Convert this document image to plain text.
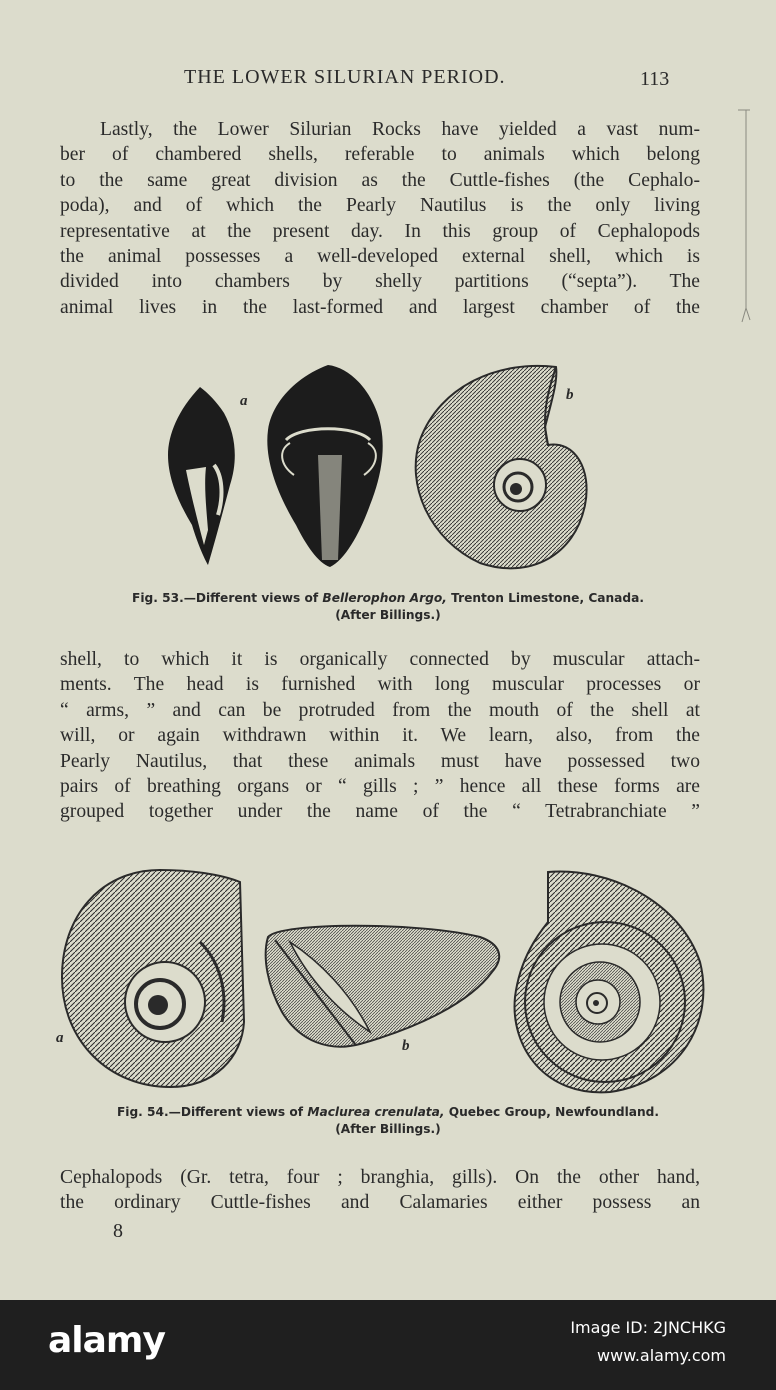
THE LOWER SILURIAN PERIOD.	113

Lastly, the Lower Silurian Rocks have yielded a vast num-
ber of chambered shells, referable to animals which belong
to the same great division as the Cuttle-fishes (the Cephalo-
poda), and of which the Pearly Nautilus is the only living
representative at the present day. In this group of Cephalopods
the animal possesses a well-developed external shell, which is
divided into chambers by shelly partitions (“septa”). The
animal lives in the last-formed and largest chamber of the

a	b
Fig. 53.—Different views of Bellerophon Argo, Trenton Limestone, Canada.
(After Billings.)

shell, to which it is organically connected by muscular attach-
ments. The head is furnished with long muscular processes or
“ arms, ” and can be protruded from the mouth of the shell at
will, or again withdrawn within it. We learn, also, from the
Pearly Nautilus, that these animals must have possessed two
pairs of breathing organs or “ gills ; ” hence all these forms are
grouped together under the name of the “ Tetrabranchiate ”

a	b
Fig. 54.—Different views of Maclurea crenulata, Quebec Group, Newfoundland.
(After Billings.)

Cephalopods (Gr. tetra, four ; branghia, gills). On the other hand,
the ordinary Cuttle-fishes and Calamaries either possess an

8
alamy	Image ID: 2JNCHKG
www.alamy.com
